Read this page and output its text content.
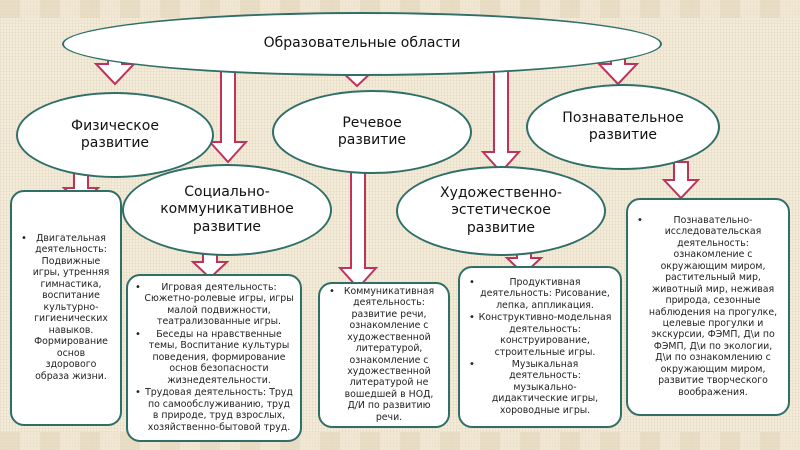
Образовательные области
Физическое развитие
Речевое развитие
Познавательное развитие
Социально-коммуникативное развитие
Художественно-эстетическое развитие
• Двигательная деятельность: Подвижные игры, утренняя гимнастика, воспитание культурно-гигиенических навыков. Формирование основ здорового образа жизни.
• Игровая деятельность: Сюжетно-ролевые игры, игры малой подвижности, театрализованные игры.
• Беседы на нравственные темы, Воспитание культуры поведения, формирование основ безопасности жизнедеятельности.
• Трудовая деятельность: Труд по самообслуживанию, труд в природе, труд взрослых, хозяйственно-бытовой труд.
• Коммуникативная деятельность: развитие речи, ознакомление с художественной литературой, ознакомление с художественной литературой не вошедшей в НОД, Д/И по развитию речи.
• Продуктивная деятельность: Рисование, лепка, аппликация.
• Конструктивно-модельная деятельность: конструирование, строительные игры.
• Музыкальная деятельность: музыкально-дидактические игры, хороводные игры.
• Познавательно-исследовательская деятельность: ознакомление с окружающим миром, растительный мир, животный мир, неживая природа, сезонные наблюдения на прогулке, целевые прогулки и экскурсии, ФЭМП, Д\и по ФЭМП, Д\и по экологии, Д\и по ознакомлению с окружающим миром, развитие творческого воображения.
